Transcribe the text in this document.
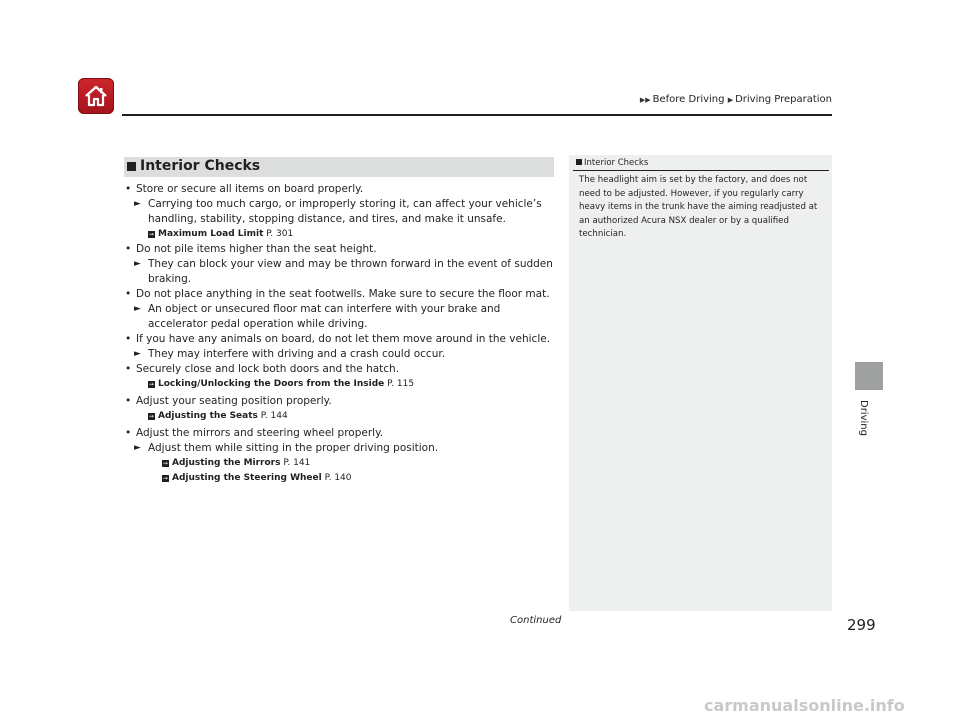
▶▶ Before Driving ▶ Driving Preparation
Interior Checks
• Store or secure all items on board properly.
► Carrying too much cargo, or improperly storing it, can affect your vehicle’s handling, stability, stopping distance, and tires, and make it unsafe.
➞ Maximum Load Limit P. 301
• Do not pile items higher than the seat height.
► They can block your view and may be thrown forward in the event of sudden braking.
• Do not place anything in the seat footwells. Make sure to secure the floor mat.
► An object or unsecured floor mat can interfere with your brake and accelerator pedal operation while driving.
• If you have any animals on board, do not let them move around in the vehicle.
► They may interfere with driving and a crash could occur.
• Securely close and lock both doors and the hatch.
➞ Locking/Unlocking the Doors from the Inside P. 115
• Adjust your seating position properly.
➞ Adjusting the Seats P. 144
• Adjust the mirrors and steering wheel properly.
► Adjust them while sitting in the proper driving position.
➞ Adjusting the Mirrors P. 141
➞ Adjusting the Steering Wheel P. 140
Interior Checks
The headlight aim is set by the factory, and does not need to be adjusted. However, if you regularly carry heavy items in the trunk have the aiming readjusted at an authorized Acura NSX dealer or by a qualified technician.
Driving
Continued	299
carmanualsonline.info
